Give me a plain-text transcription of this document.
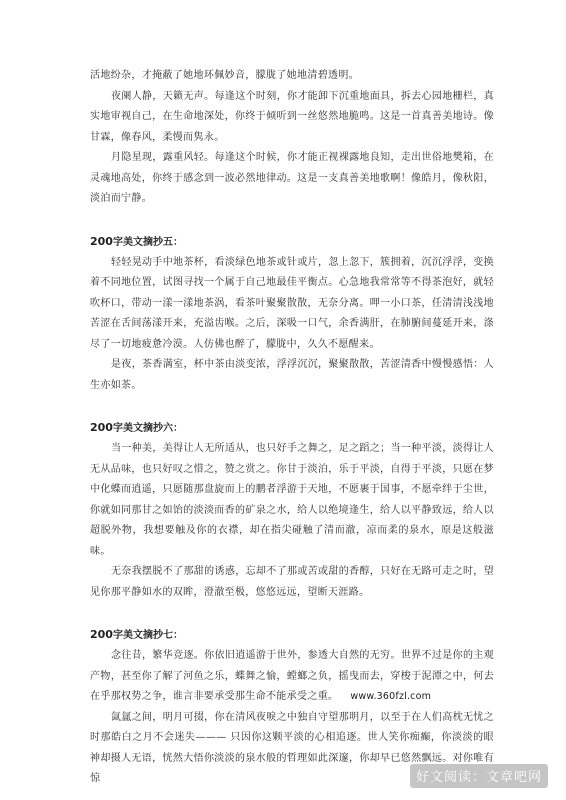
活地纷杂，才掩蔽了她地环佩妙音，朦胧了她地清碧透明。

夜阑人静，天籁无声。每逢这个时刻，你才能卸下沉重地面具，拆去心园地栅栏，真实地审视自己，在生命地深处，你终于倾听到一丝悠然地脆鸣。这是一首真善美地诗。像甘霖，像春风，柔慢而隽永。

月隐星现，露重风轻。每逢这个时候，你才能正视裸露地良知，走出世俗地樊箱，在灵魂地高处，你终于感念到一波必然地律动。这是一支真善美地歌啊！像皓月，像秋阳，淡泊而宁静。

200字美文摘抄五：

轻轻晃动手中地茶杯，看淡绿色地茶或针或片，忽上忽下，簇拥着，沉沉浮浮，变换着不同地位置，试图寻找一个属于自己地最佳平衡点。心急地我常常等不得茶泡好，就轻吹杯口，带动一漾一漾地茶涡，看茶叶聚聚散散，无奈分离。呷一小口茶，任清清浅浅地苦涩在舌间荡漾开来，充溢齿喉。之后，深吸一口气，余香满肝，在肺腑间蔓延开来，涤尽了一切地疲惫冷漠。人仿佛也醉了，朦胧中，久久不愿醒来。

是夜，茶香满室，杯中茶由淡变浓，浮浮沉沉，聚聚散散，苦涩清香中慢慢感悟：人生亦如茶。

200字美文摘抄六：

当一种美，美得让人无所适从，也只好手之舞之，足之蹈之；当一种平淡，淡得让人无从品味，也只好叹之惜之，赞之赏之。你甘于淡泊，乐于平淡，自得于平淡，只愿在梦中化蝶而逍遥，只愿随那盘旋而上的鹏者浮游于天地，不愿裹于国事，不愿牵绊于尘世，你就如同那甘之如饴的淡淡而香的矿泉之水，给人以绝境逢生，给人以平静致远，给人以超脱外物，我想要触及你的衣襟，却在指尖碰触了清而澈，凉而柔的泉水，原是这般滋味。

无奈我摆脱不了那甜的诱惑，忘却不了那或苦或甜的香醇，只好在无路可走之时，望见你那平静如水的双眸，澄澈至极，悠悠远远，望断天涯路。

200字美文摘抄七：

念往昔，繁华竞逐。你依旧逍遥游于世外，参透大自然的无穷。世界不过是你的主观产物，甚至你了解了河鱼之乐，蝶舞之愉，螳螂之负，摇曳而去，穿梭于泥潭之中，何去在乎那权势之争，谁言非要承受那生命不能承受之重。 www.360fzl.com

氤氲之间，明月可掇，你在清风夜唳之中独自守望那明月，以至于在人们高枕无忧之时那皓白之月不会迷失——— 只因你这颗平淡的心相追逐。世人笑你痴癫，你淡淡的眼神却摄人无语，恍然大悟你淡淡的泉水般的哲理如此深邃，你却早已悠然飘远。对你唯有惊	好文阅读：文章吧网
